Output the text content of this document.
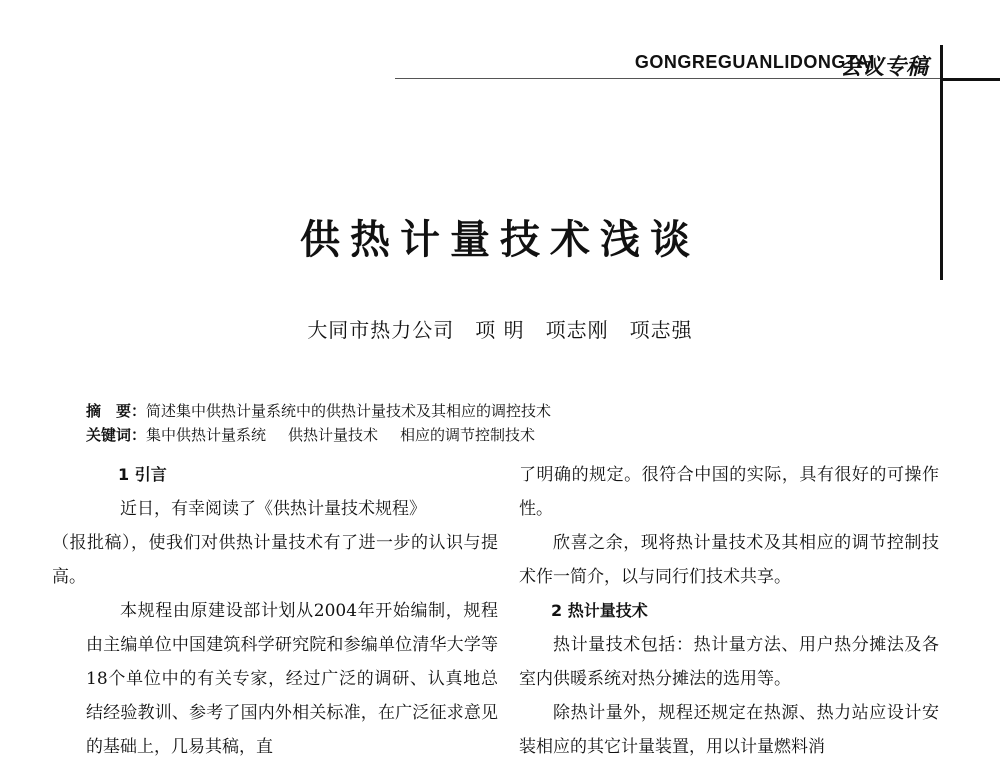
GONGREGUANLIDONGTAI
会议专稿
供热计量技术浅谈
大同市热力公司　项 明　项志刚　项志强
摘　要：简述集中供热计量系统中的供热计量技术及其相应的调控技术
关键词：集中供热计量系统 供热计量技术 相应的调节控制技术

1 引言

近日，有幸阅读了《供热计量技术规程》
（报批稿），使我们对供热计量技术有了进一步的认识与提高。

本规程由原建设部计划从2004年开始编制，规程由主编单位中国建筑科学研究院和参编单位清华大学等18个单位中的有关专家，经过广泛的调研、认真地总结经验教训、参考了国内外相关标准，在广泛征求意见的基础上，几易其稿，直

了明确的规定。很符合中国的实际，具有很好的可操作性。

欣喜之余，现将热计量技术及其相应的调节控制技术作一简介，以与同行们技术共享。

2 热计量技术

热计量技术包括：热计量方法、用户热分摊法及各室内供暖系统对热分摊法的选用等。

除热计量外，规程还规定在热源、热力站应设计安装相应的其它计量装置，用以计量燃料消
